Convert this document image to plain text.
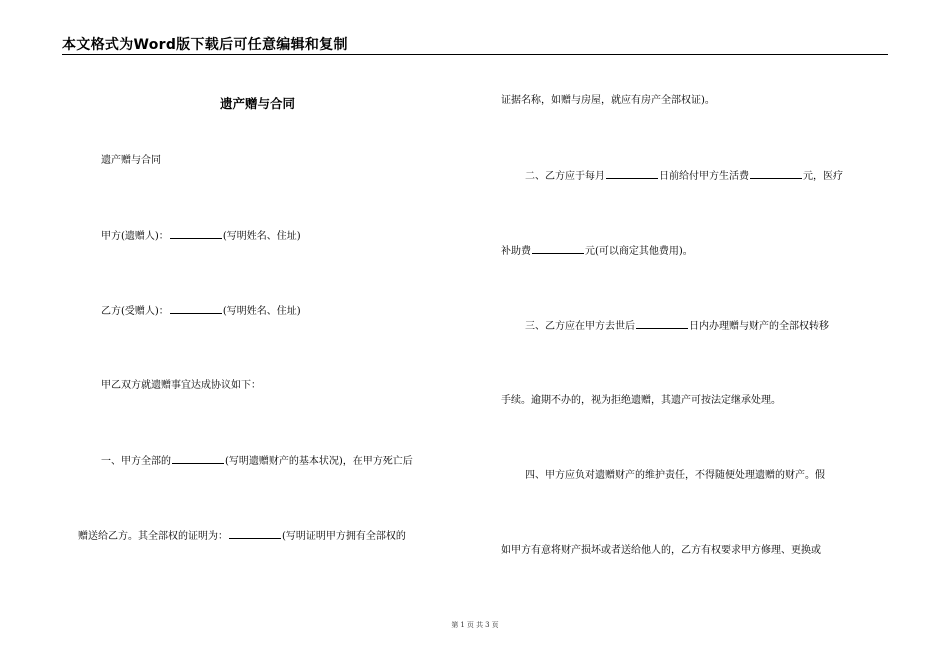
本文格式为Word版下载后可任意编辑和复制
遗产赠与合同
遗产赠与合同
甲方(遗赠人)：	(写明姓名、住址)
乙方(受赠人)：	(写明姓名、住址)
甲乙双方就遗赠事宜达成协议如下：
一、甲方全部的	(写明遗赠财产的基本状况)，在甲方死亡后
赠送给乙方。其全部权的证明为：	(写明证明甲方拥有全部权的
证据名称，如赠与房屋，就应有房产全部权证)。
二、乙方应于每月	日前给付甲方生活费	元，医疗
补助费	元(可以商定其他费用)。
三、乙方应在甲方去世后	日内办理赠与财产的全部权转移
手续。逾期不办的，视为拒绝遗赠，其遗产可按法定继承处理。
四、甲方应负对遗赠财产的维护责任，不得随便处理遗赠的财产。假
如甲方有意将财产损坏或者送给他人的，乙方有权要求甲方修理、更换或
第 1 页 共 3 页
